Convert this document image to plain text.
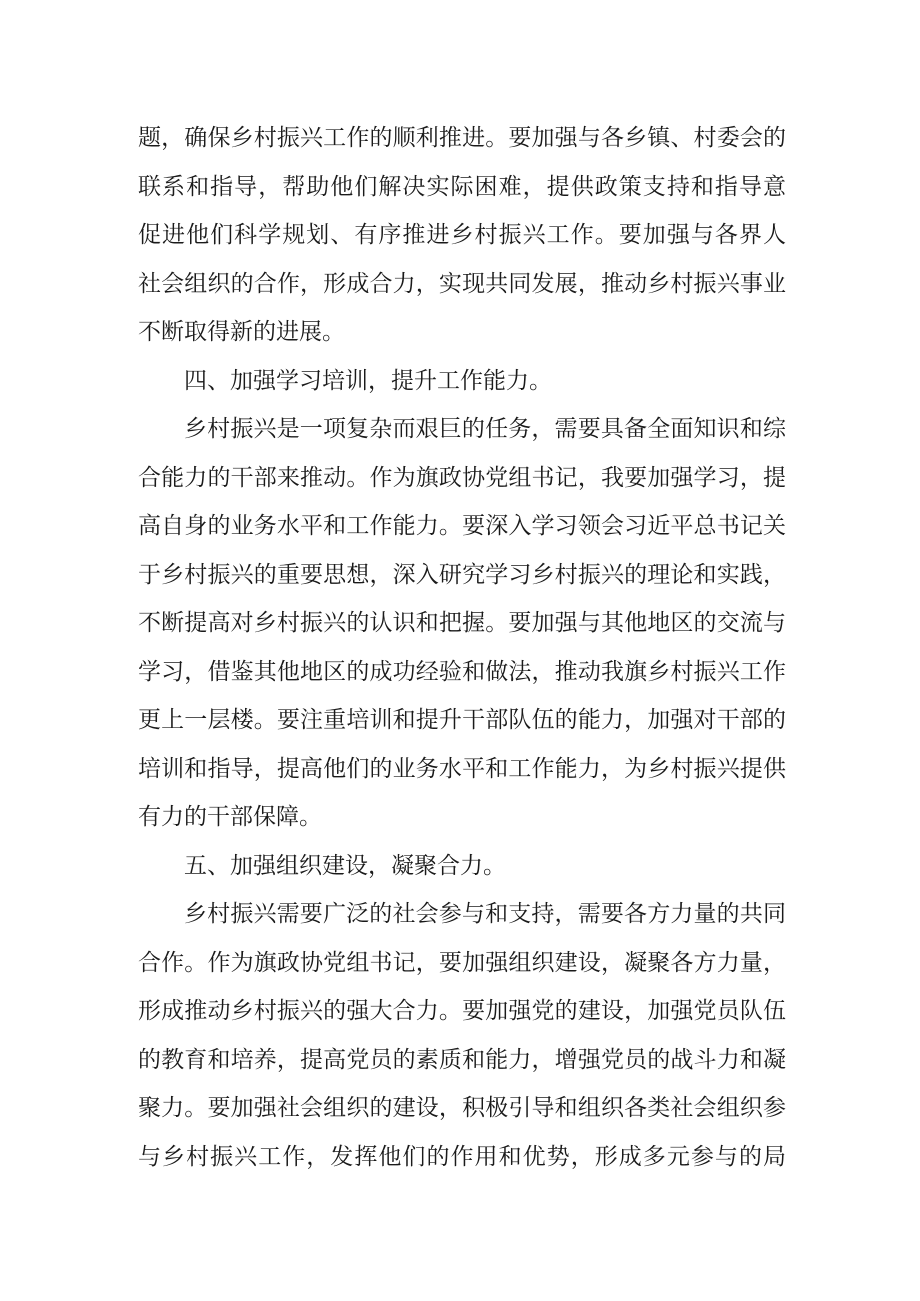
题，确保乡村振兴工作的顺利推进。要加强与各乡镇、村委会的
联系和指导，帮助他们解决实际困难，提供政策支持和指导意
促进他们科学规划、有序推进乡村振兴工作。要加强与各界人
社会组织的合作，形成合力，实现共同发展，推动乡村振兴事业
不断取得新的进展。
四、加强学习培训，提升工作能力。
乡村振兴是一项复杂而艰巨的任务，需要具备全面知识和综
合能力的干部来推动。作为旗政协党组书记，我要加强学习，提
高自身的业务水平和工作能力。要深入学习领会习近平总书记关
于乡村振兴的重要思想，深入研究学习乡村振兴的理论和实践，
不断提高对乡村振兴的认识和把握。要加强与其他地区的交流与
学习，借鉴其他地区的成功经验和做法，推动我旗乡村振兴工作
更上一层楼。要注重培训和提升干部队伍的能力，加强对干部的
培训和指导，提高他们的业务水平和工作能力，为乡村振兴提供
有力的干部保障。
五、加强组织建设，凝聚合力。
乡村振兴需要广泛的社会参与和支持，需要各方力量的共同
合作。作为旗政协党组书记，要加强组织建设，凝聚各方力量，
形成推动乡村振兴的强大合力。要加强党的建设，加强党员队伍
的教育和培养，提高党员的素质和能力，增强党员的战斗力和凝
聚力。要加强社会组织的建设，积极引导和组织各类社会组织参
与乡村振兴工作，发挥他们的作用和优势，形成多元参与的局
